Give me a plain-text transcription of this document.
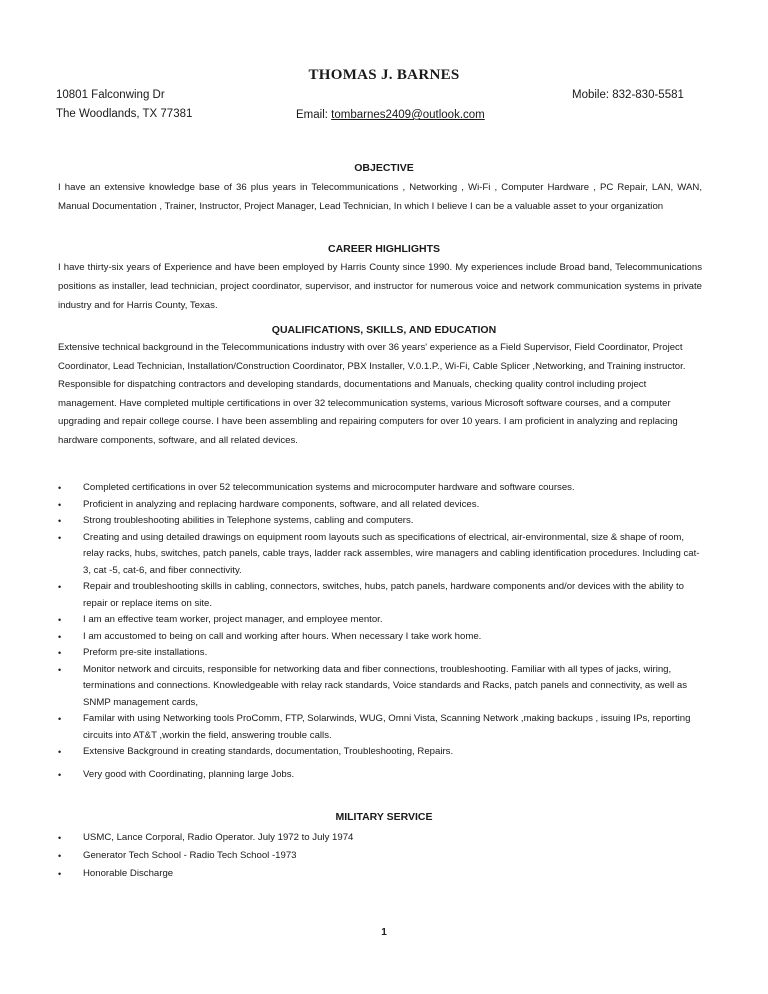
THOMAS J. BARNES
10801 Falconwing Dr
The Woodlands, TX 77381
Mobile: 832-830-5581
Email: tombarnes2409@outlook.com
OBJECTIVE
I have an extensive knowledge base of 36 plus years in Telecommunications , Networking , Wi-Fi , Computer Hardware , PC Repair, LAN, WAN, Manual Documentation , Trainer, Instructor, Project Manager, Lead Technician, In which I believe I can be a valuable asset to your organization
CAREER HIGHLIGHTS
I have thirty-six years of Experience and have been employed by Harris County since 1990. My experiences include Broad band, Telecommunications positions as installer, lead technician, project coordinator, supervisor, and instructor for numerous voice and network communication systems in private industry and for Harris County, Texas.
QUALIFICATIONS, SKILLS, AND EDUCATION
Extensive technical background in the Telecommunications industry with over 36 years' experience as a Field Supervisor, Field Coordinator, Project Coordinator, Lead Technician, Installation/Construction Coordinator, PBX Installer, V.0.1.P., Wi-Fi, Cable Splicer ,Networking, and Training instructor. Responsible for dispatching contractors and developing standards, documentations and Manuals, checking quality control including project management. Have completed multiple certifications in over 32 telecommunication systems, various Microsoft software courses, and a computer upgrading and repair college course. I have been assembling and repairing computers for over 10 years. I am proficient in analyzing and replacing hardware components, software, and all related devices.
• Completed certifications in over 52 telecommunication systems and microcomputer hardware and software courses.
• Proficient in analyzing and replacing hardware components, software, and all related devices.
• Strong troubleshooting abilities in Telephone systems, cabling and computers.
• Creating and using detailed drawings on equipment room layouts such as specifications of electrical, air-environmental, size & shape of room, relay racks, hubs, switches, patch panels, cable trays, ladder rack assembles, wire managers and cabling identification procedures. Including cat-3, cat -5, cat-6, and fiber connectivity.
• Repair and troubleshooting skills in cabling, connectors, switches, hubs, patch panels, hardware components and/or devices with the ability to repair or replace items on site.
• I am an effective team worker, project manager, and employee mentor.
• I am accustomed to being on call and working after hours. When necessary I take work home.
• Preform pre-site installations.
• Monitor network and circuits, responsible for networking data and fiber connections, troubleshooting. Familiar with all types of jacks, wiring, terminations and connections. Knowledgeable with relay rack standards, Voice standards and Racks, patch panels and connectivity, as well as SNMP management cards,
• Familar with using Networking tools ProComm, FTP, Solarwinds, WUG, Omni Vista, Scanning Network ,making backups , issuing IPs, reporting circuits into AT&T ,workin the field, answering trouble calls.
• Extensive Background in creating standards, documentation, Troubleshooting, Repairs.
• Very good with Coordinating, planning large Jobs.
MILITARY SERVICE
• USMC, Lance Corporal, Radio Operator. July 1972 to July 1974
• Generator Tech School - Radio Tech School -1973
• Honorable Discharge
1
